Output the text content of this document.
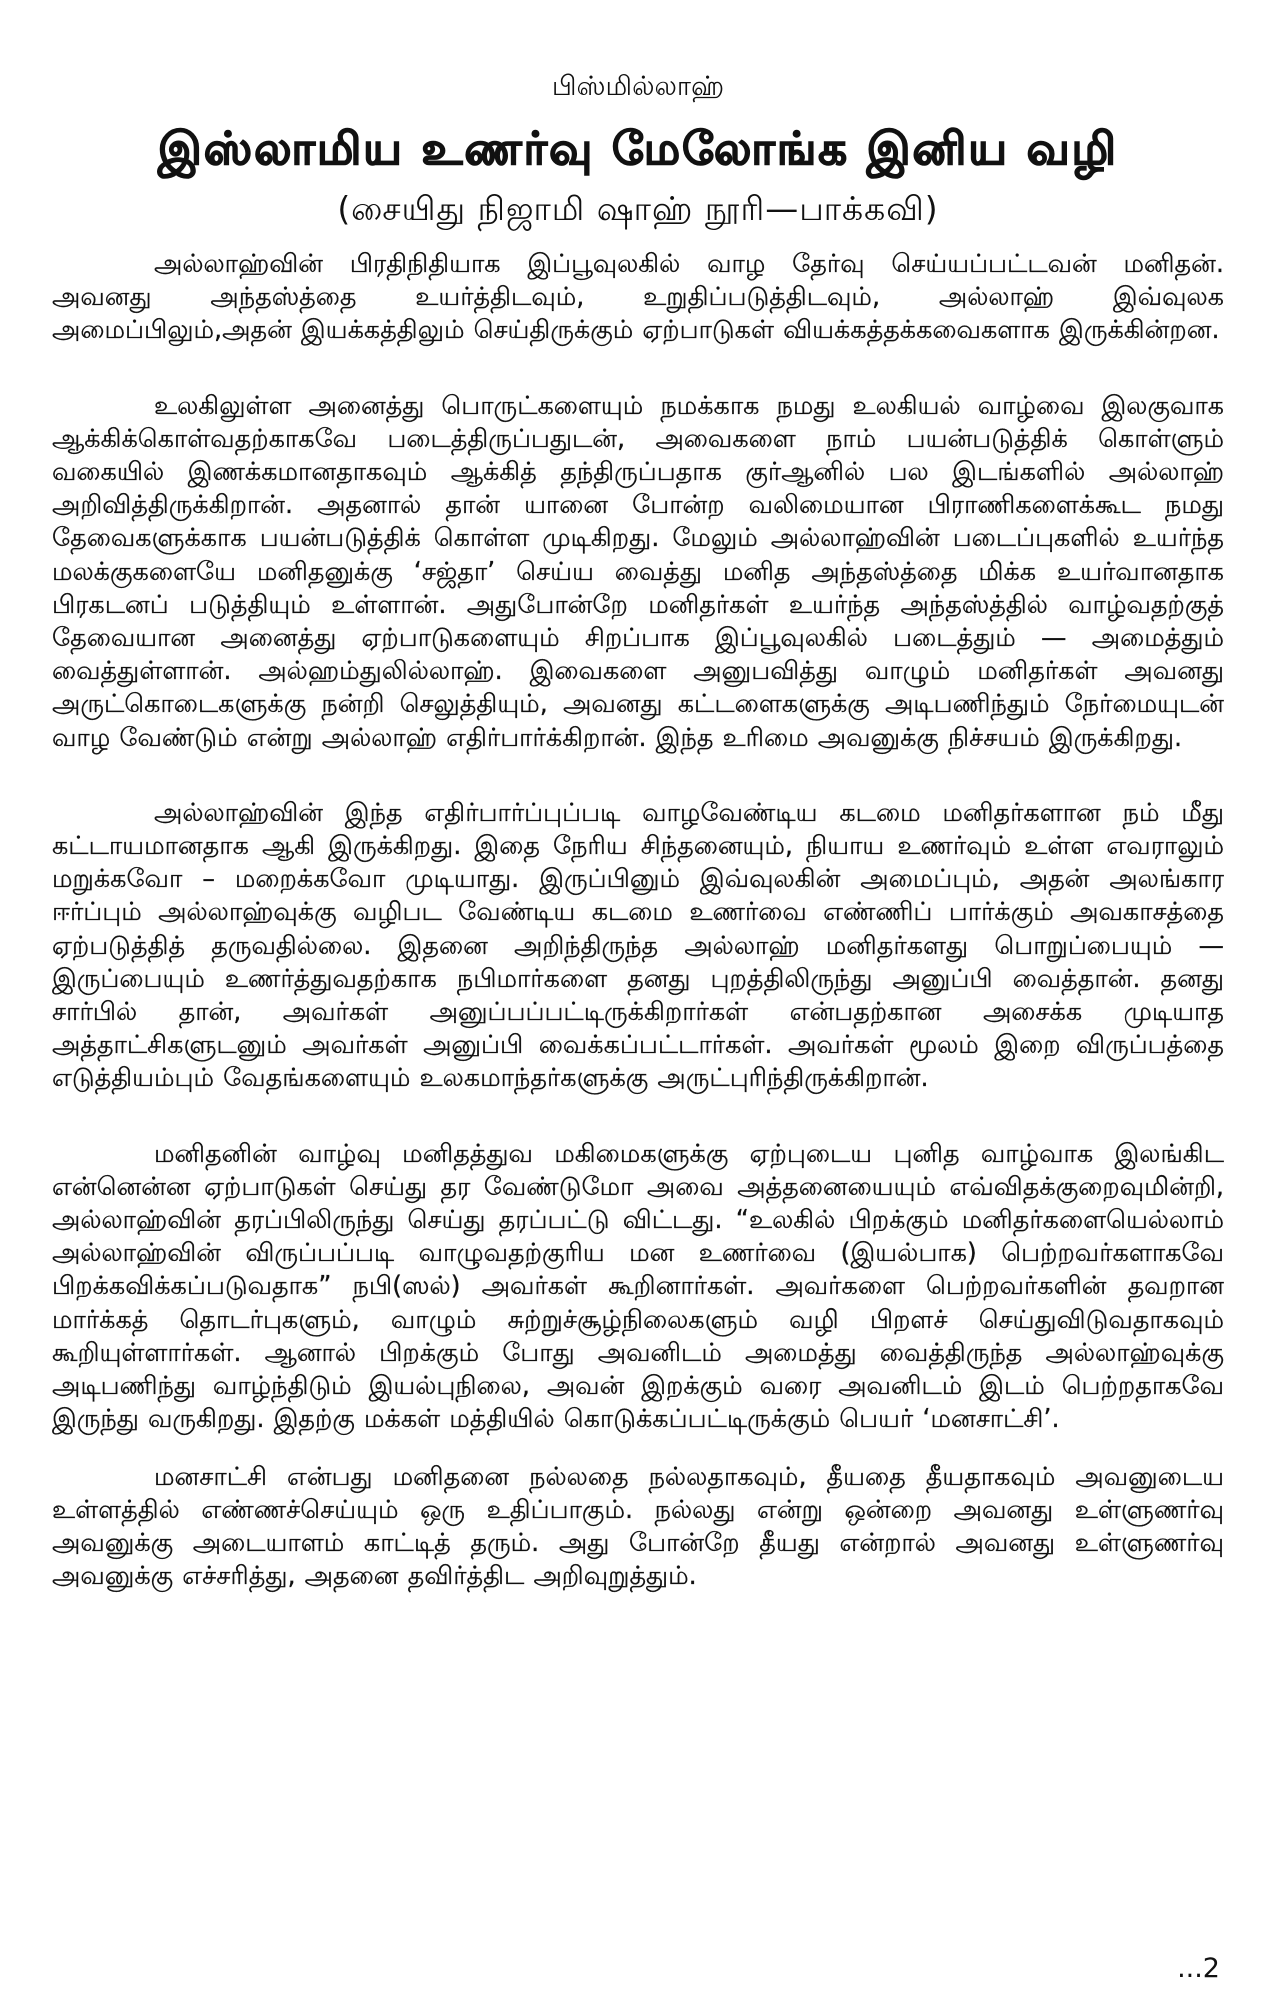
பிஸ்மில்லாஹ்
இஸ்லாமிய உணர்வு மேலோங்க இனிய வழி
(சையிது நிஜாமி ஷாஹ் நூரி—பாக்கவி)

அல்லாஹ்வின் பிரதிநிதியாக இப்பூவுலகில் வாழ தேர்வு செய்யப்பட்டவன் மனிதன். அவனது அந்தஸ்த்தை உயர்த்திடவும், உறுதிப்படுத்திடவும், அல்லாஹ் இவ்வுலக அமைப்பிலும்,அதன் இயக்கத்திலும் செய்திருக்கும் ஏற்பாடுகள் வியக்கத்தக்கவைகளாக இருக்கின்றன.

உலகிலுள்ள அனைத்து பொருட்களையும் நமக்காக நமது உலகியல் வாழ்வை இலகுவாக ஆக்கிக்கொள்வதற்காகவே படைத்திருப்பதுடன், அவைகளை நாம் பயன்படுத்திக் கொள்ளும் வகையில் இணக்கமானதாகவும் ஆக்கித் தந்திருப்பதாக குர்ஆனில் பல இடங்களில் அல்லாஹ் அறிவித்திருக்கிறான். அதனால் தான் யானை போன்ற வலிமையான பிராணிகளைக்கூட நமது தேவைகளுக்காக பயன்படுத்திக் கொள்ள முடிகிறது. மேலும் அல்லாஹ்வின் படைப்புகளில் உயர்ந்த மலக்குகளையே மனிதனுக்கு ‘சஜ்தா’ செய்ய வைத்து மனித அந்தஸ்த்தை மிக்க உயர்வானதாக பிரகடனப் படுத்தியும் உள்ளான். அதுபோன்றே மனிதர்கள் உயர்ந்த அந்தஸ்த்தில் வாழ்வதற்குத் தேவையான அனைத்து ஏற்பாடுகளையும் சிறப்பாக இப்பூவுலகில் படைத்தும் — அமைத்தும் வைத்துள்ளான். அல்ஹம்துலில்லாஹ். இவைகளை அனுபவித்து வாழும் மனிதர்கள் அவனது அருட்கொடைகளுக்கு நன்றி செலுத்தியும், அவனது கட்டளைகளுக்கு அடிபணிந்தும் நேர்மையுடன் வாழ வேண்டும் என்று அல்லாஹ் எதிர்பார்க்கிறான். இந்த உரிமை அவனுக்கு நிச்சயம் இருக்கிறது.

அல்லாஹ்வின் இந்த எதிர்பார்ப்புப்படி வாழவேண்டிய கடமை மனிதர்களான நம் மீது கட்டாயமானதாக ஆகி இருக்கிறது. இதை நேரிய சிந்தனையும், நியாய உணர்வும் உள்ள எவராலும் மறுக்கவோ – மறைக்கவோ முடியாது. இருப்பினும் இவ்வுலகின் அமைப்பும், அதன் அலங்கார ஈர்ப்பும் அல்லாஹ்வுக்கு வழிபட வேண்டிய கடமை உணர்வை எண்ணிப் பார்க்கும் அவகாசத்தை ஏற்படுத்தித் தருவதில்லை. இதனை அறிந்திருந்த அல்லாஹ் மனிதர்களது பொறுப்பையும் — இருப்பையும் உணர்த்துவதற்காக நபிமார்களை தனது புறத்திலிருந்து அனுப்பி வைத்தான். தனது சார்பில் தான், அவர்கள் அனுப்பப்பட்டிருக்கிறார்கள் என்பதற்கான அசைக்க முடியாத அத்தாட்சிகளுடனும் அவர்கள் அனுப்பி வைக்கப்பட்டார்கள். அவர்கள் மூலம் இறை விருப்பத்தை எடுத்தியம்பும் வேதங்களையும் உலகமாந்தர்களுக்கு அருட்புரிந்திருக்கிறான்.

மனிதனின் வாழ்வு மனிதத்துவ மகிமைகளுக்கு ஏற்புடைய புனித வாழ்வாக இலங்கிட என்னென்ன ஏற்பாடுகள் செய்து தர வேண்டுமோ அவை அத்தனையையும் எவ்விதக்குறைவுமின்றி, அல்லாஹ்வின் தரப்பிலிருந்து செய்து தரப்பட்டு விட்டது. “உலகில் பிறக்கும் மனிதர்களையெல்லாம் அல்லாஹ்வின் விருப்பப்படி வாழுவதற்குரிய மன உணர்வை (இயல்பாக) பெற்றவர்களாகவே பிறக்கவிக்கப்படுவதாக” நபி(ஸல்) அவர்கள் கூறினார்கள். அவர்களை பெற்றவர்களின் தவறான மார்க்கத் தொடர்புகளும், வாழும் சுற்றுச்சூழ்நிலைகளும் வழி பிறளச் செய்துவிடுவதாகவும் கூறியுள்ளார்கள். ஆனால் பிறக்கும் போது அவனிடம் அமைத்து வைத்திருந்த அல்லாஹ்வுக்கு அடிபணிந்து வாழ்ந்திடும் இயல்புநிலை, அவன் இறக்கும் வரை அவனிடம் இடம் பெற்றதாகவே இருந்து வருகிறது. இதற்கு மக்கள் மத்தியில் கொடுக்கப்பட்டிருக்கும் பெயர் ‘மனசாட்சி’.

மனசாட்சி என்பது மனிதனை நல்லதை நல்லதாகவும், தீயதை தீயதாகவும் அவனுடைய உள்ளத்தில் எண்ணச்செய்யும் ஒரு உதிப்பாகும். நல்லது என்று ஒன்றை அவனது உள்ளுணர்வு அவனுக்கு அடையாளம் காட்டித் தரும். அது போன்றே தீயது என்றால் அவனது உள்ளுணர்வு அவனுக்கு எச்சரித்து, அதனை தவிர்த்திட அறிவுறுத்தும்.

...2
